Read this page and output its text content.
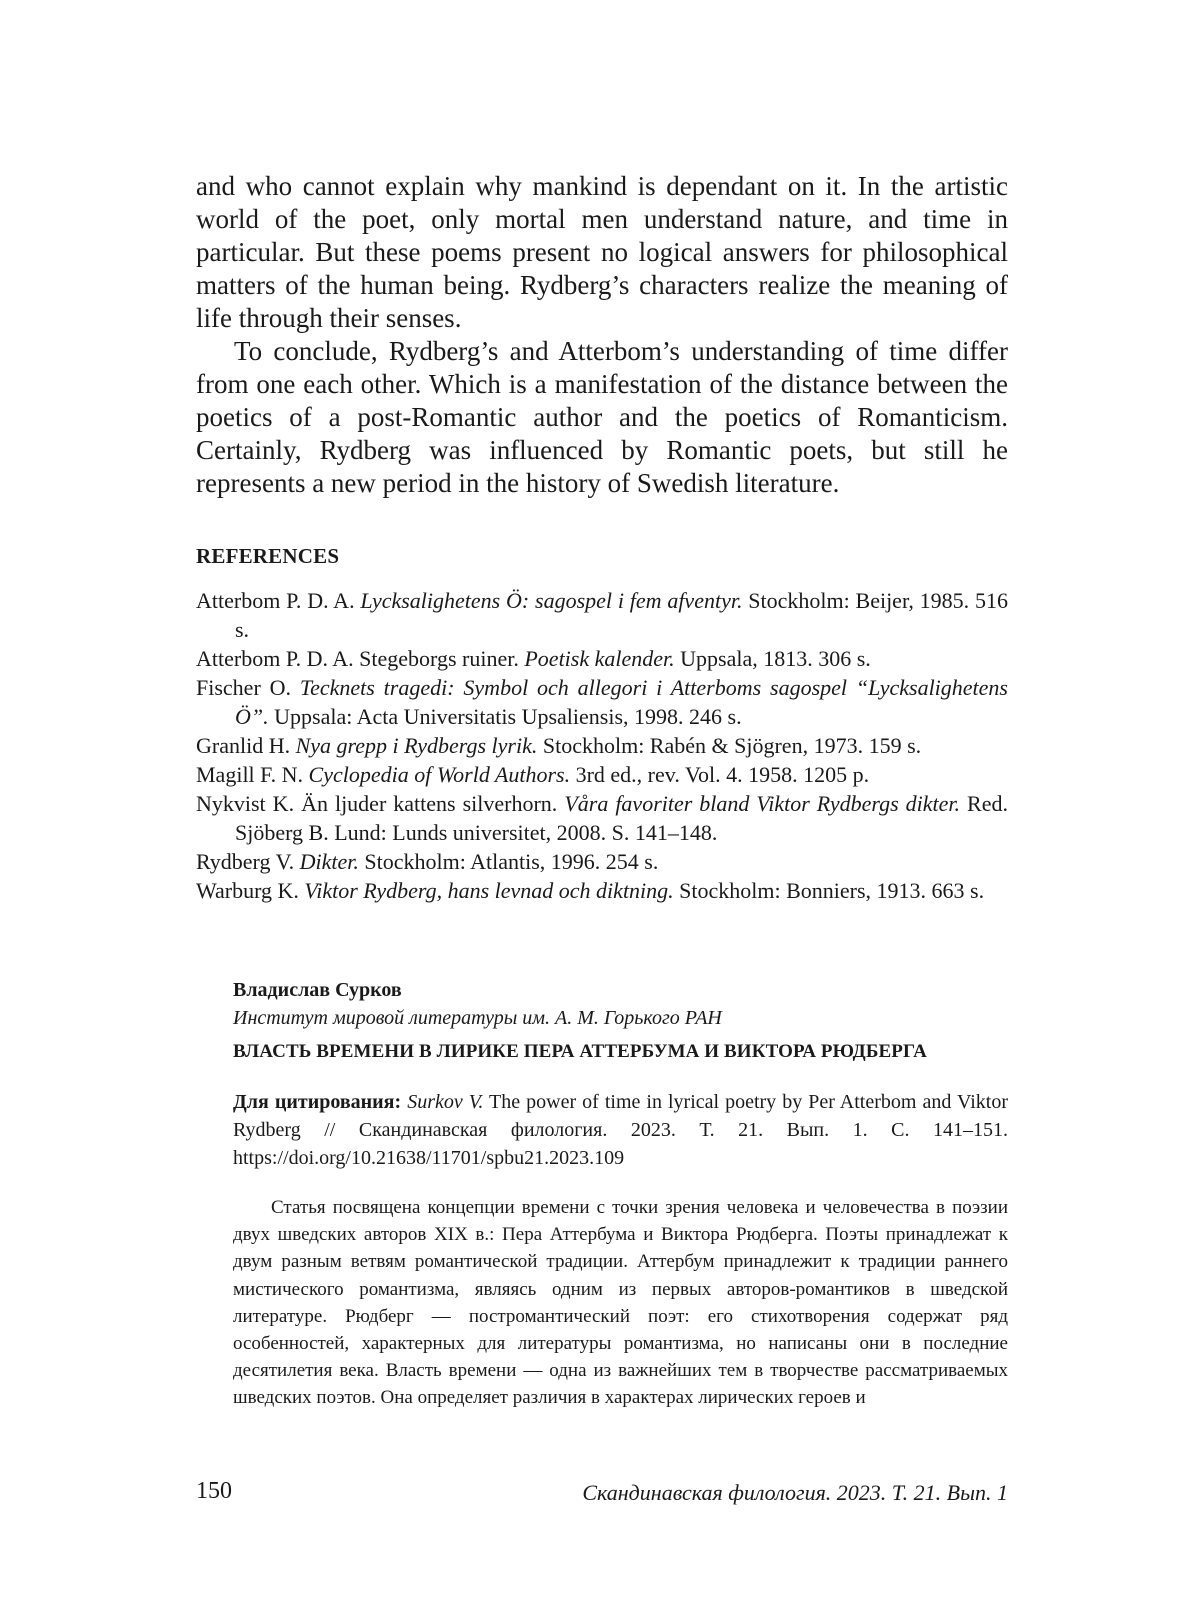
and who cannot explain why mankind is dependant on it. In the artistic world of the poet, only mortal men understand nature, and time in particular. But these poems present no logical answers for philosophical matters of the human being. Rydberg’s characters realize the meaning of life through their senses.

To conclude, Rydberg’s and Atterbom’s understanding of time differ from one each other. Which is a manifestation of the distance between the poetics of a post-Romantic author and the poetics of Romanticism. Certainly, Rydberg was influenced by Romantic poets, but still he represents a new period in the history of Swedish literature.

REFERENCES

Atterbom P. D. A. Lycksalighetens Ö: sagospel i fem afventyr. Stockholm: Beijer, 1985. 516 s.

Atterbom P. D. A. Stegeborgs ruiner. Poetisk kalender. Uppsala, 1813. 306 s.

Fischer O. Tecknets tragedi: Symbol och allegori i Atterboms sagospel “Lycksalighetens Ö”. Uppsala: Acta Universitatis Upsaliensis, 1998. 246 s.

Granlid H. Nya grepp i Rydbergs lyrik. Stockholm: Rabén & Sjögren, 1973. 159 s.

Magill F. N. Cyclopedia of World Authors. 3rd ed., rev. Vol. 4. 1958. 1205 p.

Nykvist K. Än ljuder kattens silverhorn. Våra favoriter bland Viktor Rydbergs dikter. Red. Sjöberg B. Lund: Lunds universitet, 2008. S. 141–148.

Rydberg V. Dikter. Stockholm: Atlantis, 1996. 254 s.

Warburg K. Viktor Rydberg, hans levnad och diktning. Stockholm: Bonniers, 1913. 663 s.

Владислав Сурков
Институт мировой литературы им. А. М. Горького РАН
ВЛАСТЬ ВРЕМЕНИ В ЛИРИКЕ ПЕРА АТТЕРБУМА И ВИКТОРА РЮДБЕРГА
Для цитирования: Surkov V. The power of time in lyrical poetry by Per Atterbom and Viktor Rydberg // Скандинавская филология. 2023. Т. 21. Вып. 1. С. 141–151. https://doi.org/10.21638/11701/spbu21.2023.109
Статья посвящена концепции времени с точки зрения человека и человечества в поэзии двух шведских авторов XIX в.: Пера Аттербума и Виктора Рюдберга. Поэты принадлежат к двум разным ветвям романтической традиции. Аттербум принадлежит к традиции раннего мистического романтизма, являясь одним из первых авторов-романтиков в шведской литературе. Рюдберг — постромантический поэт: его стихотворения содержат ряд особенностей, характерных для литературы романтизма, но написаны они в последние десятилетия века. Власть времени — одна из важнейших тем в творчестве рассматриваемых шведских поэтов. Она определяет различия в характерах лирических героев и
150	Скандинавская филология. 2023. Т. 21. Вып. 1
